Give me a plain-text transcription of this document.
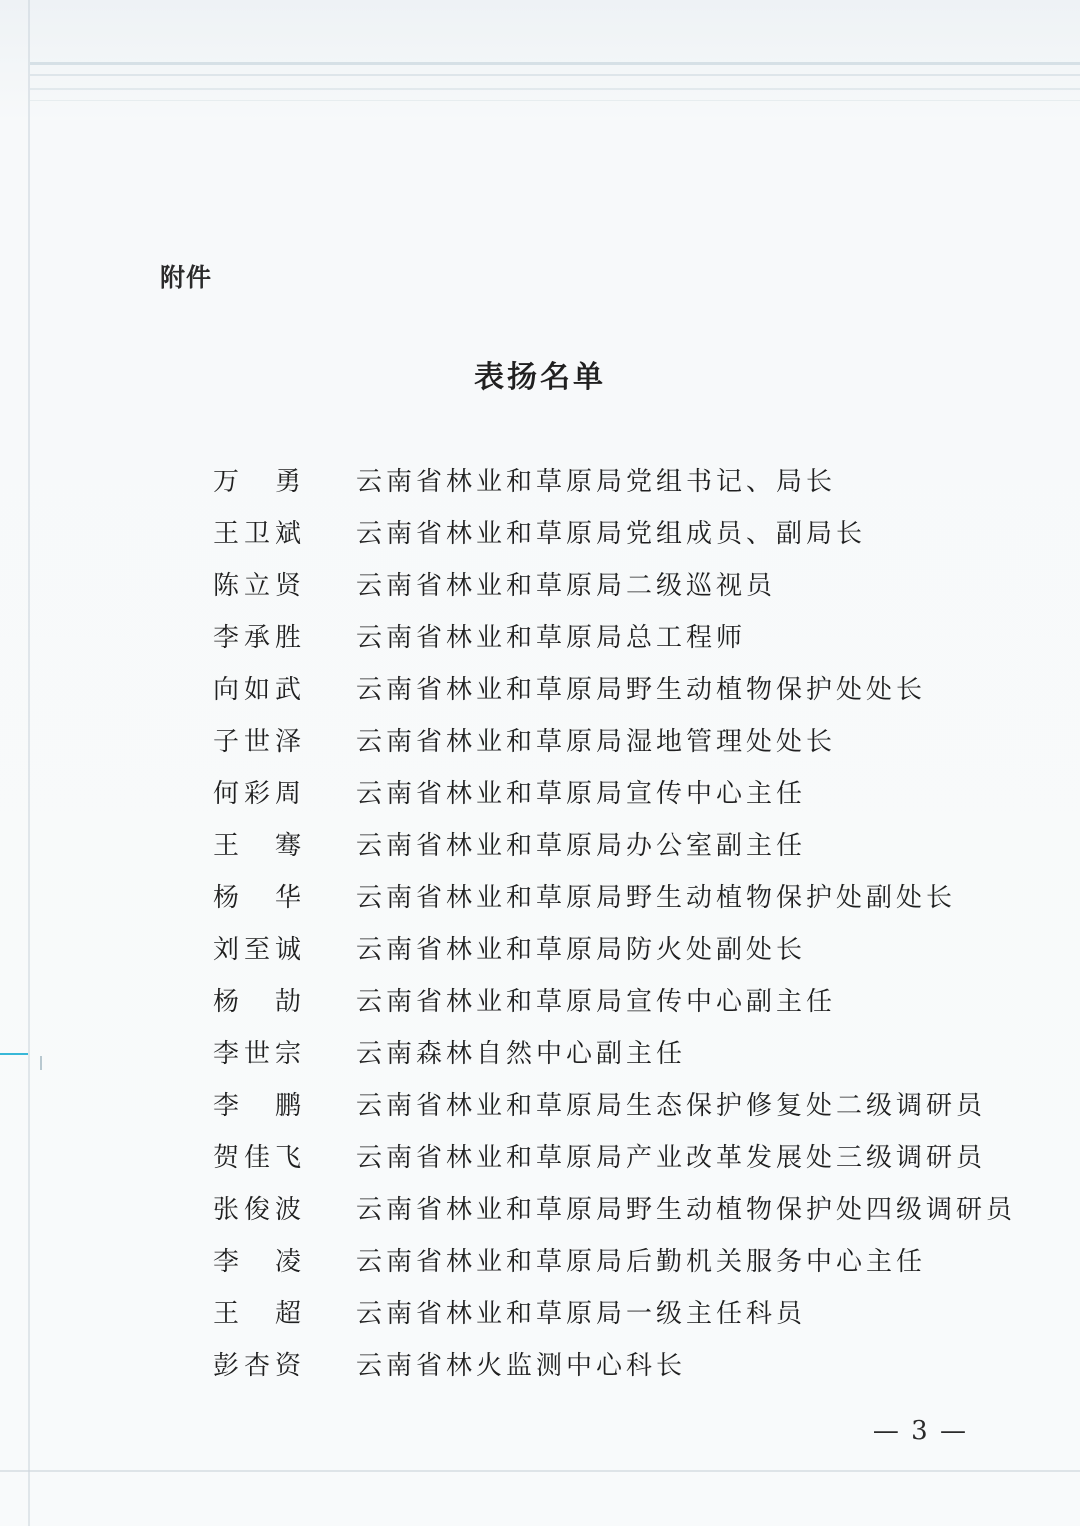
附件
表扬名单
万 勇 云南省林业和草原局党组书记、局长
王卫斌 云南省林业和草原局党组成员、副局长
陈立贤 云南省林业和草原局二级巡视员
李承胜 云南省林业和草原局总工程师
向如武 云南省林业和草原局野生动植物保护处处长
子世泽 云南省林业和草原局湿地管理处处长
何彩周 云南省林业和草原局宣传中心主任
王 骞 云南省林业和草原局办公室副主任
杨 华 云南省林业和草原局野生动植物保护处副处长
刘至诚 云南省林业和草原局防火处副处长
杨 劼 云南省林业和草原局宣传中心副主任
李世宗 云南森林自然中心副主任
李 鹏 云南省林业和草原局生态保护修复处二级调研员
贺佳飞 云南省林业和草原局产业改革发展处三级调研员
张俊波 云南省林业和草原局野生动植物保护处四级调研员
李 凌 云南省林业和草原局后勤机关服务中心主任
王 超 云南省林业和草原局一级主任科员
彭杏资 云南省林火监测中心科长
— 3 —
